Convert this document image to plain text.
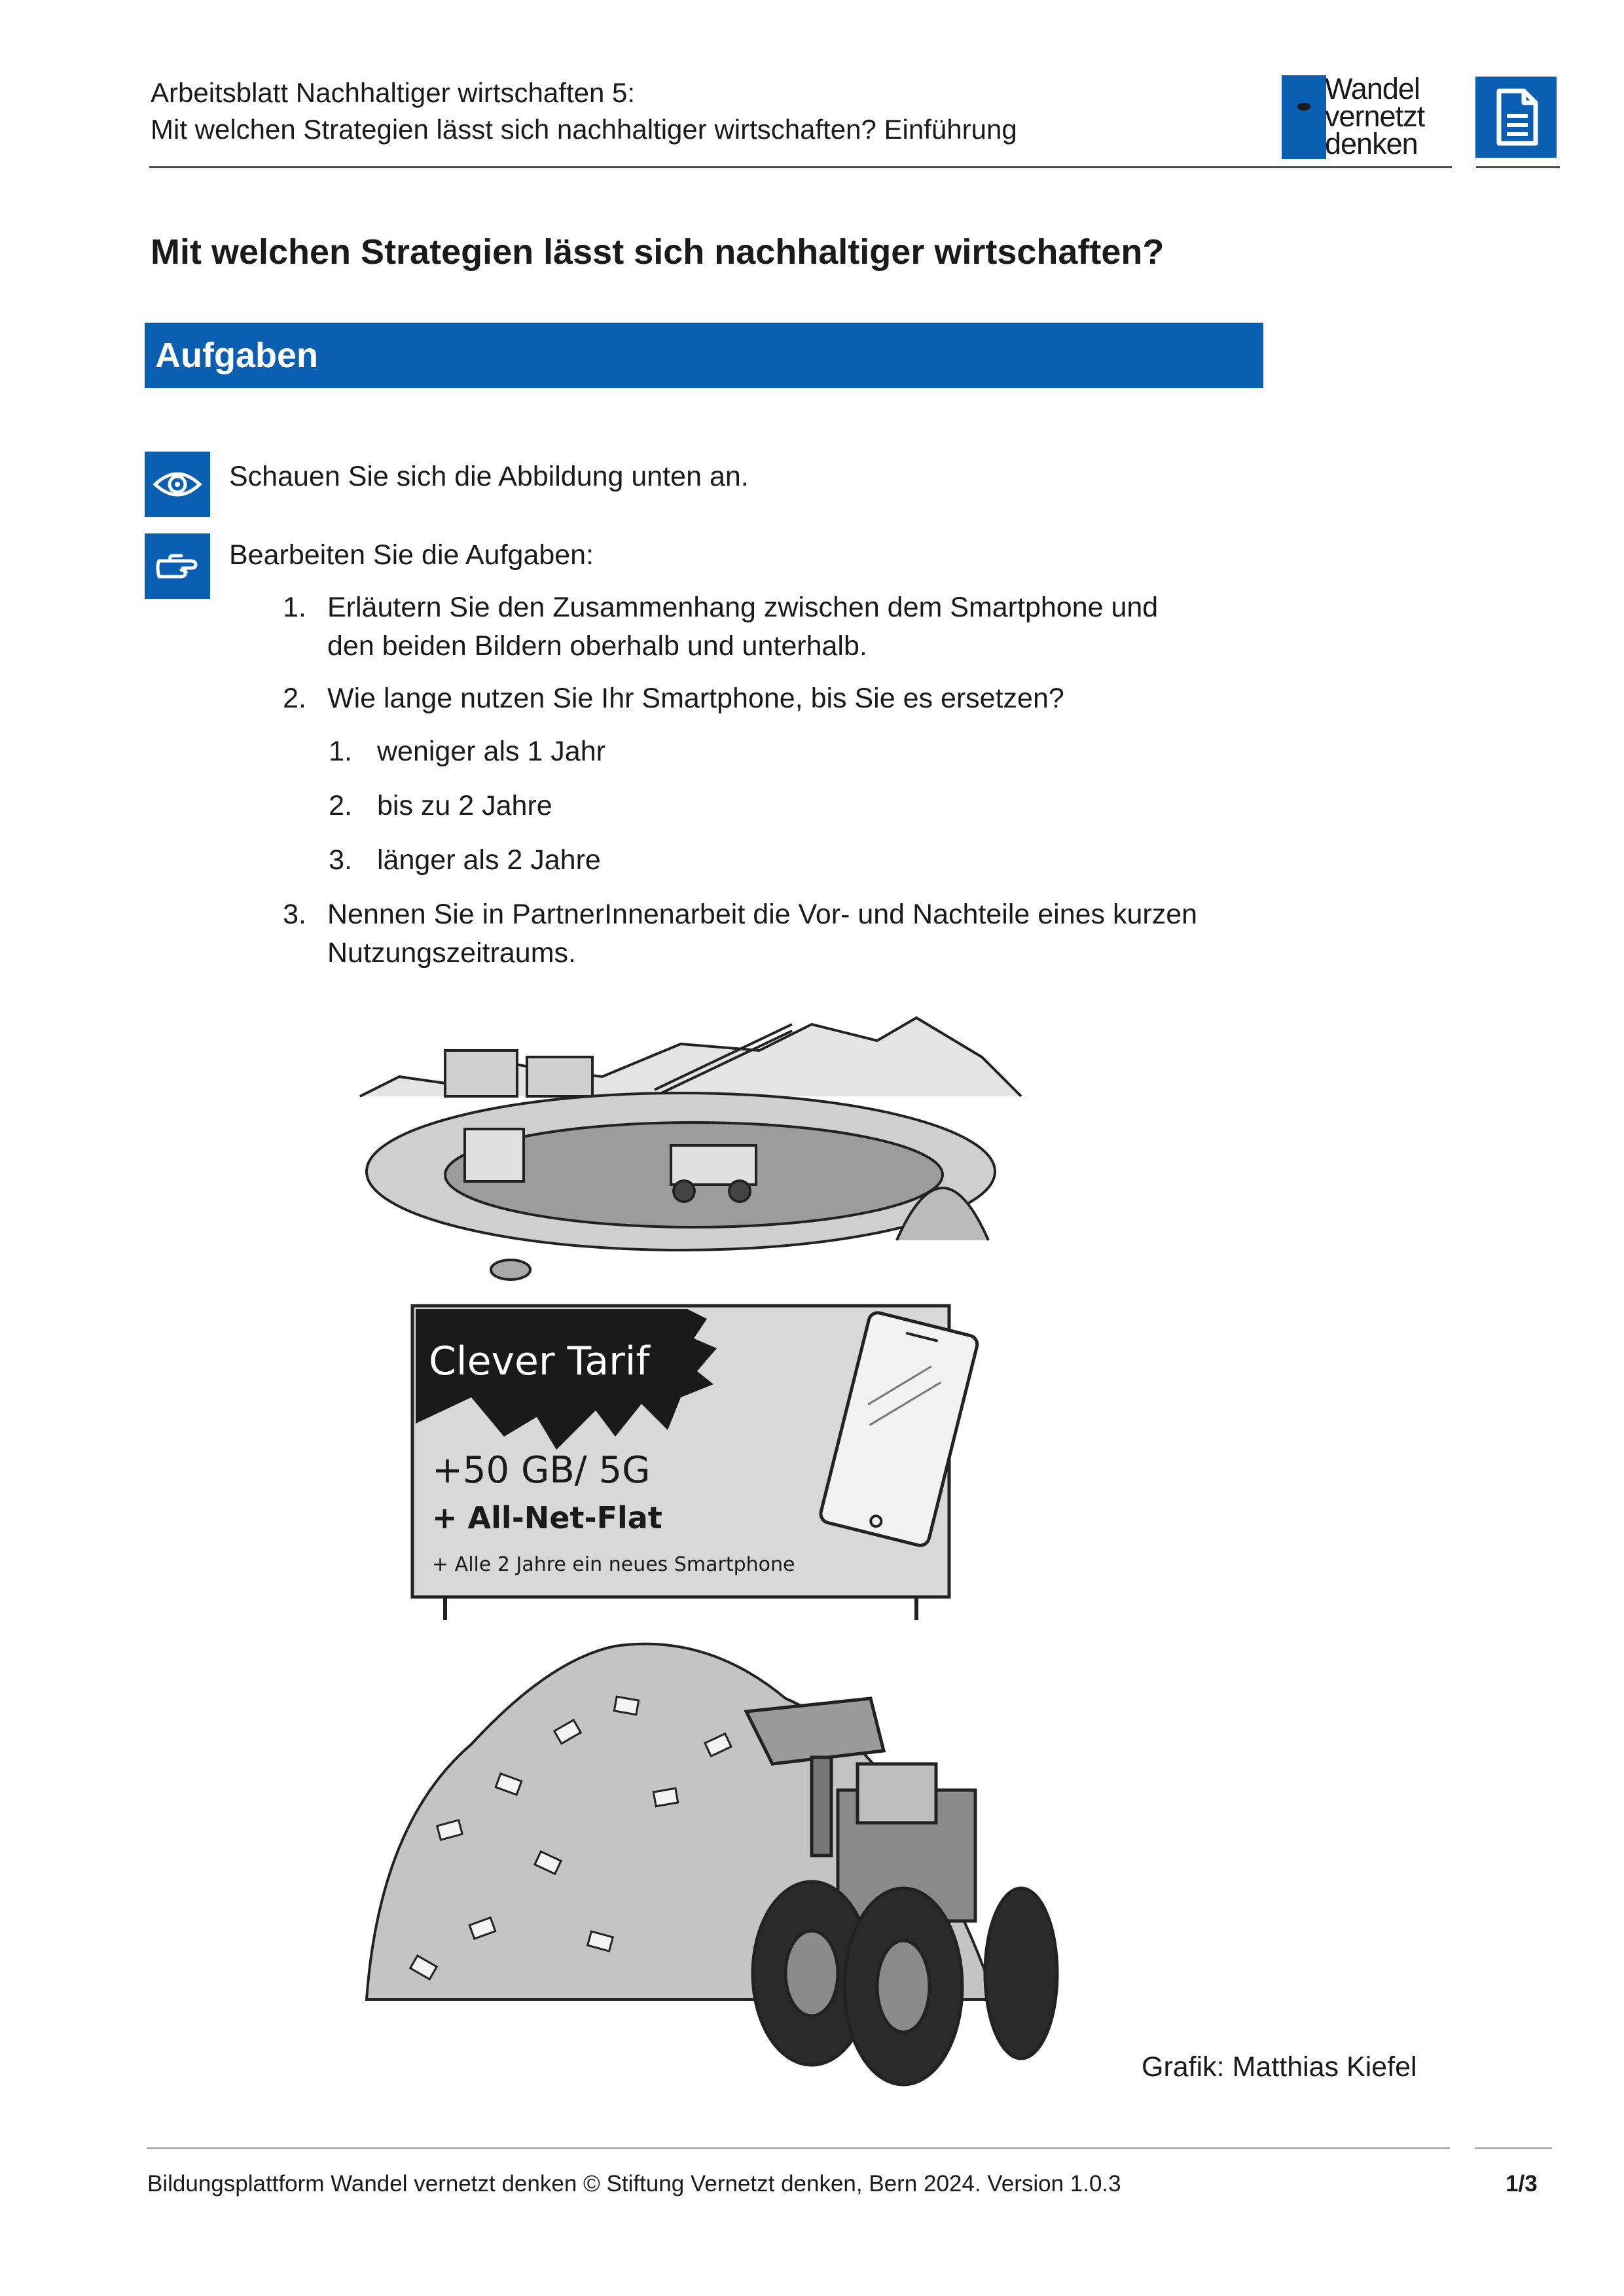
Arbeitsblatt Nachhaltiger wirtschaften 5:
Mit welchen Strategien lässt sich nachhaltiger wirtschaften? Einführung
Wandel
vernetzt
denken
Mit welchen Strategien lässt sich nachhaltiger wirtschaften?
Aufgaben
Schauen Sie sich die Abbildung unten an.
Bearbeiten Sie die Aufgaben:
1. Erläutern Sie den Zusammenhang zwischen dem Smartphone und
den beiden Bildern oberhalb und unterhalb.
2. Wie lange nutzen Sie Ihr Smartphone, bis Sie es ersetzen?
1. weniger als 1 Jahr
2. bis zu 2 Jahre
3. länger als 2 Jahre
3. Nennen Sie in PartnerInnenarbeit die Vor- und Nachteile eines kurzen
Nutzungszeitraums.
Clever Tarif
+50 GB/ 5G
+ All-Net-Flat
+ Alle 2 Jahre ein neues Smartphone
Grafik: Matthias Kiefel
Bildungsplattform Wandel vernetzt denken © Stiftung Vernetzt denken, Bern 2024. Version 1.0.3	1/3
